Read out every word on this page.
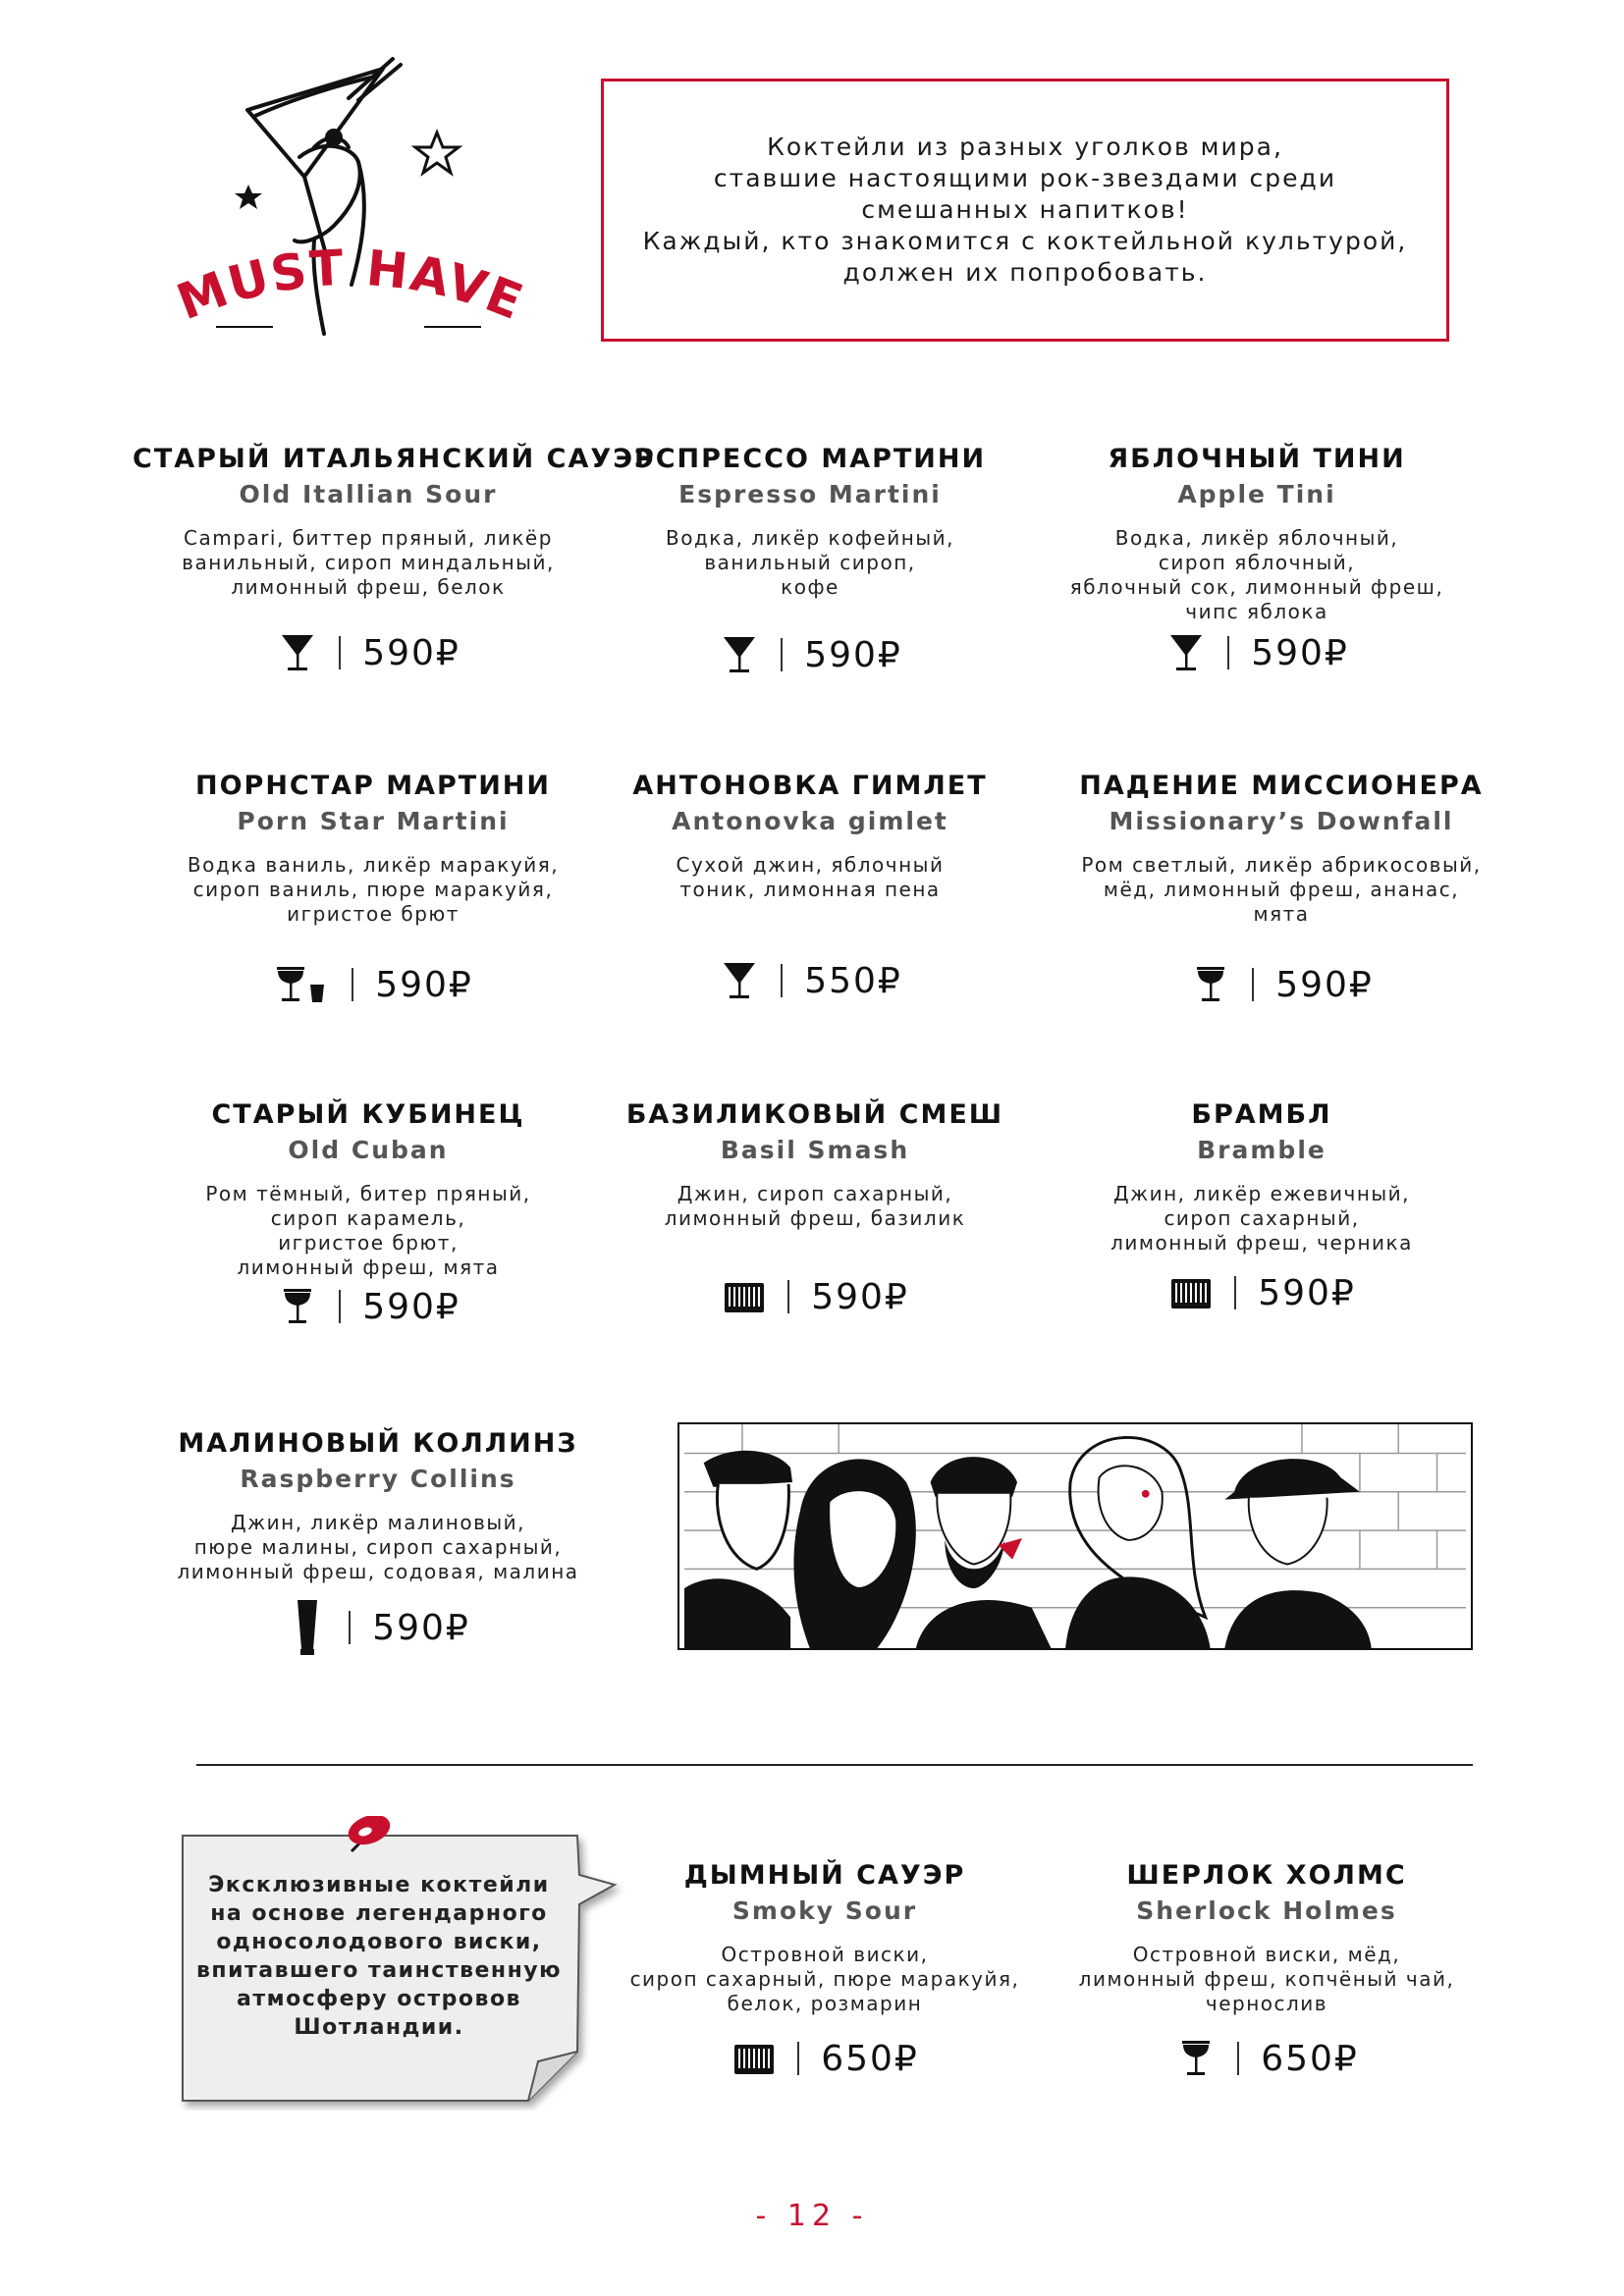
MUST HAVE
Коктейли из разных уголков мира,
ставшие настоящими рок-звездами среди
смешанных напитков!
Каждый, кто знакомится с коктейльной культурой,
должен их попробовать.
СТАРЫЙ ИТАЛЬЯНСКИЙ САУЭР
Old Itallian Sour
Campari, биттер пряный, ликёр
ванильный, сироп миндальный,
лимонный фреш, белок
590₽
ЭСПРЕССО МАРТИНИ
Espresso Martini
Водка, ликёр кофейный,
ванильный сироп,
кофе
590₽
ЯБЛОЧНЫЙ ТИНИ
Apple Tini
Водка, ликёр яблочный,
сироп яблочный,
яблочный сок, лимонный фреш,
чипс яблока
590₽
ПОРНСТАР МАРТИНИ
Porn Star Martini
Водка ваниль, ликёр маракуйя,
сироп ваниль, пюре маракуйя,
игристое брют
590₽
АНТОНОВКА ГИМЛЕТ
Antonovka gimlet
Сухой джин, яблочный
тоник, лимонная пена
550₽
ПАДЕНИЕ МИССИОНЕРА
Missionary’s Downfall
Ром светлый, ликёр абрикосовый,
мёд, лимонный фреш, ананас,
мята
590₽
СТАРЫЙ КУБИНЕЦ
Old Cuban
Ром тёмный, битер пряный,
сироп карамель,
игристое брют,
лимонный фреш, мята
590₽
БАЗИЛИКОВЫЙ СМЕШ
Basil Smash
Джин, сироп сахарный,
лимонный фреш, базилик
590₽
БРАМБЛ
Bramble
Джин, ликёр ежевичный,
сироп сахарный,
лимонный фреш, черника
590₽
МАЛИНОВЫЙ КОЛЛИНЗ
Raspberry Collins
Джин, ликёр малиновый,
пюре малины, сироп сахарный,
лимонный фреш, содовая, малина
590₽
ДЫМНЫЙ САУЭР
Smoky Sour
Островной виски,
сироп сахарный, пюре маракуйя,
белок, розмарин
650₽
ШЕРЛОК ХОЛМС
Sherlock Holmes
Островной виски, мёд,
лимонный фреш, копчёный чай,
чернослив
650₽
Эксклюзивные коктейли
на основе легендарного
односолодового виски,
впитавшего таинственную
атмосферу островов
Шотландии.
- 12 -
